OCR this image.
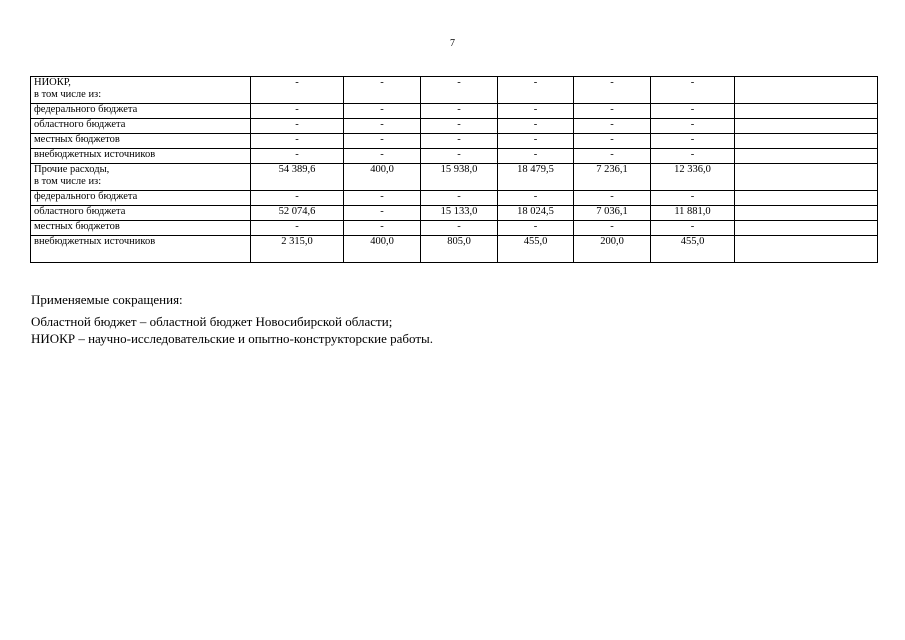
7
НИОКР,
в том числе из:	-	-	-	-	-	-	
федерального бюджета	-	-	-	-	-	-	
областного бюджета	-	-	-	-	-	-	
местных бюджетов	-	-	-	-	-	-	
внебюджетных источников	-	-	-	-	-	-	
Прочие расходы,
в том числе из:	54 389,6	400,0	15 938,0	18 479,5	7 236,1	12 336,0	
федерального бюджета	-	-	-	-	-	-	
областного бюджета	52 074,6	-	15 133,0	18 024,5	7 036,1	11 881,0	
местных бюджетов	-	-	-	-	-	-	
внебюджетных источников	2 315,0	400,0	805,0	455,0	200,0	455,0	

Применяемые сокращения:

Областной бюджет – областной бюджет Новосибирской области;

НИОКР – научно-исследовательские и опытно-конструкторские работы.
